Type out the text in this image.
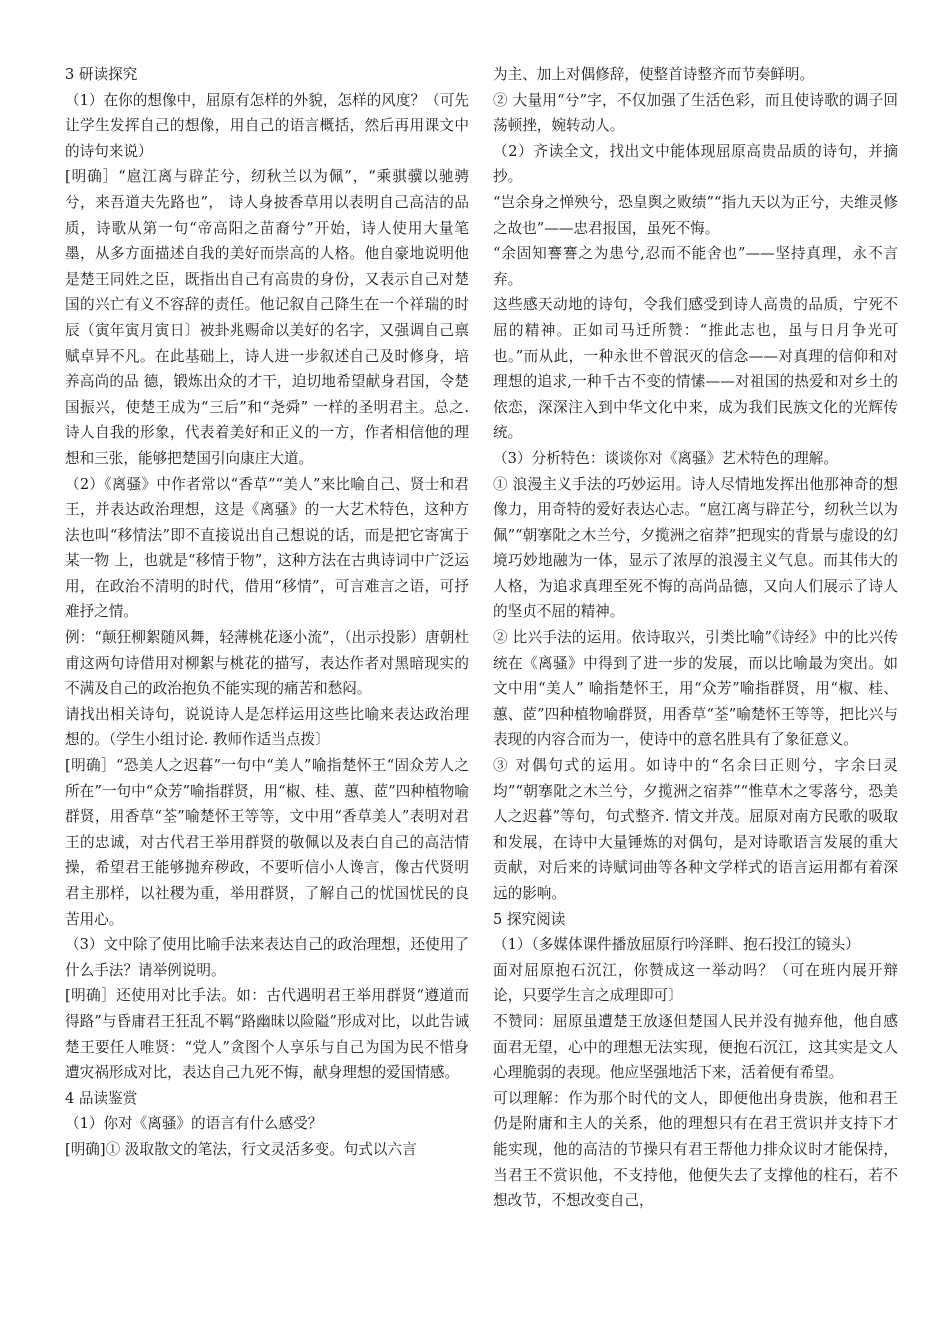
3 研读探究

（1）在你的想像中，屈原有怎样的外貌，怎样的风度？（可先让学生发挥自己的想像，用自己的语言概括，然后再用课文中的诗句来说）

[明确］“扈江离与辟芷兮，纫秋兰以为佩”，“乘骐骥以驰骋兮，来吾道夫先路也”， 诗人身披香草用以表明自己高洁的品质，诗歌从第一句“帝高阳之苗裔兮”开始，诗人使用大量笔墨，从多方面描述自我的美好而崇高的人格。他自豪地说明他是楚王同姓之臣，既指出自己有高贵的身份，又表示自己对楚国的兴亡有义不容辞的责任。他记叙自己降生在一个祥瑞的时辰（寅年寅月寅日〕被卦兆赐命以美好的名字，又强调自己禀赋卓异不凡。在此基础上，诗人进一步叙述自己及时修身，培养高尚的品 德，锻炼出众的才干，迫切地希望献身君国，令楚国振兴，使楚王成为“三后”和“尧舜” 一样的圣明君主。总之. 诗人自我的形象，代表着美好和正义的一方，作者相信他的理想和三张，能够把楚国引向康庄大道。

（2）《离骚》中作者常以“香草”“美人”来比喻自己、贤士和君王，并表达政治理想，这是《离骚》的一大艺术特色，这种方法也叫“移情法”即不直接说出自己想说的话，而是把它寄寓于某一物 上，也就是“移情于物”，这种方法在古典诗词中广泛运用，在政治不清明的时代，借用“移情”，可言难言之语，可抒难抒之情。

例：“颠狂柳絮随风舞，轻薄桃花逐小流”，（出示投影）唐朝杜甫这两句诗借用对柳絮与桃花的描写，表达作者对黑暗现实的不满及自己的政治抱负不能实现的痛苦和愁闷。

请找出相关诗句，说说诗人是怎样运用这些比喻来表达政治理想的。（学生小组讨论. 教师作适当点拨〕

[明确］“恐美人之迟暮”一句中“美人”喻指楚怀王“固众芳人之所在”一句中“众芳”喻指群贤，用“椒、桂、蕙、茝”四种植物喻群贤，用香草“荃”喻楚怀王等等，文中用“香草美人”表明对君王的忠诚，对古代君王举用群贤的敬佩以及表白自己的高洁情操，希望君王能够抛弃秽政，不要听信小人谗言，像古代贤明君主那样，以社稷为重，举用群贤，了解自己的忧国忧民的良苦用心。

（3）文中除了使用比喻手法来表达自己的政治理想，还使用了什么手法？请举例说明。

[明确］还使用对比手法。如：古代遇明君王举用群贤“遵道而得路”与昏庸君王狂乱不羁“路幽昧以险隘”形成对比，以此告诫楚王要任人唯贤：“党人”贪图个人享乐与自己为国为民不惜身遭灾祸形成对比，表达自己九死不悔，献身理想的爱国情感。

4 品读鉴赏

（1）你对《离骚》的语言有什么感受？

[明确]① 汲取散文的笔法，行文灵活多变。句式以六言

为主、加上对偶修辞，使整首诗整齐而节奏鲜明。

② 大量用“兮”字，不仅加强了生活色彩，而且使诗歌的调子回荡顿挫，婉转动人。

（2）齐读全文，找出文中能体现屈原高贵品质的诗句，并摘抄。

“岂余身之惮殃兮，恐皇舆之败绩”“指九天以为正兮，夫维灵修之故也”——忠君报国，虽死不悔。

“余固知謇謇之为患兮,忍而不能舍也”——坚持真理，永不言弃。

这些感天动地的诗句，令我们感受到诗人高贵的品质，宁死不屈的精神。正如司马迁所赞：“推此志也，虽与日月争光可也。”而从此，一种永世不曾泯灭的信念——对真理的信仰和对理想的追求,一种千古不变的情愫——对祖国的热爱和对乡土的依恋，深深注入到中华文化中来，成为我们民族文化的光辉传统。

（3）分析特色：谈谈你对《离骚》艺术特色的理解。

① 浪漫主义手法的巧妙运用。诗人尽情地发挥出他那神奇的想像力，用奇特的爱好表达心志。“扈江离与辟芷兮，纫秋兰以为佩”“朝搴阰之木兰兮，夕揽洲之宿莽”把现实的背景与虚设的幻境巧妙地融为一体，显示了浓厚的浪漫主义气息。而其伟大的人格，为追求真理至死不悔的高尚品德，又向人们展示了诗人的坚贞不屈的精神。

② 比兴手法的运用。依诗取兴，引类比喻”《诗经》中的比兴传统在《离骚》中得到了进一步的发展，而以比喻最为突出。如文中用“美人” 喻指楚怀王，用“众芳”喻指群贤，用“椒、桂、蕙、茝”四种植物喻群贤，用香草“荃”喻楚怀王等等，把比兴与表现的内容合而为一，使诗中的意名胜具有了象征意义。

③ 对偶句式的运用。如诗中的“名余曰正则兮，字余曰灵均”“朝搴阰之木兰兮，夕揽洲之宿莽”“惟草木之零落兮，恐美人之迟暮”等句，句式整齐. 情文并茂。屈原对南方民歌的吸取和发展，在诗中大量锤炼的对偶句，是对诗歌语言发展的重大贡献，对后来的诗赋词曲等各种文学样式的语言运用都有着深远的影响。

5 探究阅读

（1）（多媒体课件播放屈原行吟泽畔、抱石投江的镜头）

面对屈原抱石沉江，你赞成这一举动吗？（可在班内展开辩论，只要学生言之成理即可〕

不赞同：屈原虽遭楚王放逐但楚国人民并没有抛弃他，他自感面君无望，心中的理想无法实现，便抱石沉江，这其实是文人心理脆弱的表现。他应坚强地活下来，活着便有希望。

可以理解：作为那个时代的文人，即便他出身贵族，他和君王仍是附庸和主人的关系，他的理想只有在君王赏识并支持下才能实现，他的高洁的节操只有君王帮他力排众议时才能保持，当君王不赏识他，不支持他，他便失去了支撑他的柱石，若不想改节，不想改变自己，
